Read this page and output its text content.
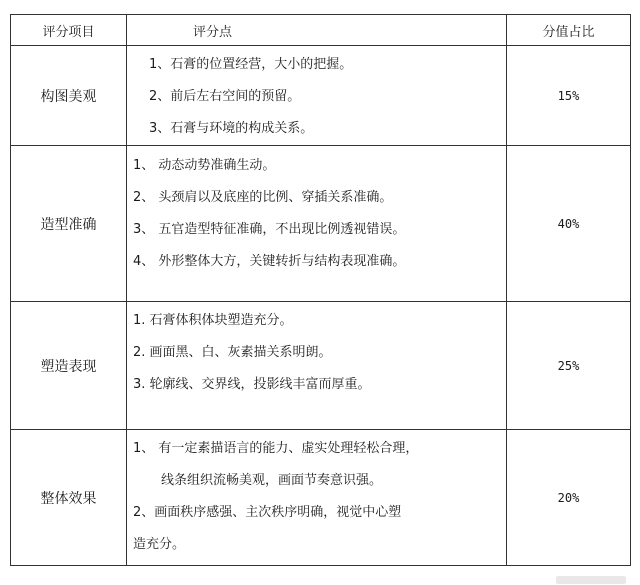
评分项目	评分点	分值占比
构图美观	1、石膏的位置经营，大小的把握。
2、前后左右空间的预留。
3、石膏与环境的构成关系。	15%
造型准确	1、 动态动势准确生动。
2、 头颈肩以及底座的比例、穿插关系准确。
3、 五官造型特征准确，不出现比例透视错误。
4、 外形整体大方，关键转折与结构表现准确。	40%
塑造表现	1. 石膏体积体块塑造充分。
2. 画面黑、白、灰素描关系明朗。
3. 轮廓线、交界线，投影线丰富而厚重。	25%
整体效果	1、 有一定素描语言的能力、虚实处理轻松合理，
线条组织流畅美观，画面节奏意识强。
2、画面秩序感强、主次秩序明确，视觉中心塑
造充分。	20%
